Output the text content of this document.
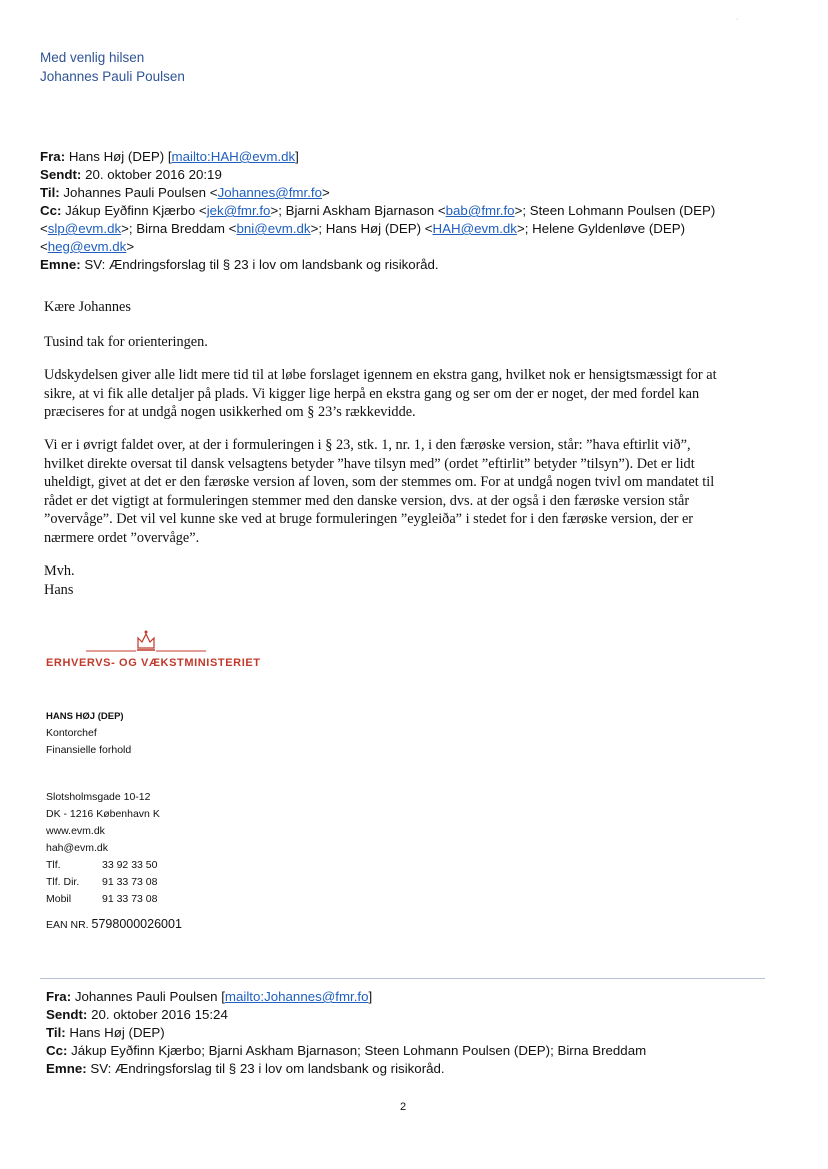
Med venlig hilsen
Johannes Pauli Poulsen
·
Fra: Hans Høj (DEP) [mailto:HAH@evm.dk]
Sendt: 20. oktober 2016 20:19
Til: Johannes Pauli Poulsen <Johannes@fmr.fo>
Cc: Jákup Eyðfinn Kjærbo <jek@fmr.fo>; Bjarni Askham Bjarnason <bab@fmr.fo>; Steen Lohmann Poulsen (DEP)
<slp@evm.dk>; Birna Breddam <bni@evm.dk>; Hans Høj (DEP) <HAH@evm.dk>; Helene Gyldenløve (DEP)
<heg@evm.dk>
Emne: SV: Ændringsforslag til § 23 i lov om landsbank og risikoråd.
Kære Johannes
Tusind tak for orienteringen.
Udskydelsen giver alle lidt mere tid til at løbe forslaget igennem en ekstra gang, hvilket nok er hensigtsmæssigt for at
sikre, at vi fik alle detaljer på plads. Vi kigger lige herpå en ekstra gang og ser om der er noget, der med fordel kan
præciseres for at undgå nogen usikkerhed om § 23’s rækkevidde.
Vi er i øvrigt faldet over, at der i formuleringen i § 23, stk. 1, nr. 1, i den færøske version, står: ”hava eftirlit við”,
hvilket direkte oversat til dansk velsagtens betyder ”have tilsyn med” (ordet ”eftirlit” betyder ”tilsyn”). Det er lidt
uheldigt, givet at det er den færøske version af loven, som der stemmes om. For at undgå nogen tvivl om mandatet til
rådet er det vigtigt at formuleringen stemmer med den danske version, dvs. at der også i den færøske version står
”overvåge”. Det vil vel kunne ske ved at bruge formuleringen ”eygleiða” i stedet for i den færøske version, der er
nærmere ordet ”overvåge”.
Mvh.
Hans
ERHVERVS- OG VÆKSTMINISTERIET
HANS HØJ (DEP)
Kontorchef
Finansielle forhold
Slotsholmsgade 10-12
DK - 1216 København K
www.evm.dk
hah@evm.dk
Tlf.	33 92 33 50
Tlf. Dir. 91 33 73 08
Mobil	91 33 73 08
EAN NR. 5798000026001
Fra: Johannes Pauli Poulsen [mailto:Johannes@fmr.fo]
Sendt: 20. oktober 2016 15:24
Til: Hans Høj (DEP)
Cc: Jákup Eyðfinn Kjærbo; Bjarni Askham Bjarnason; Steen Lohmann Poulsen (DEP); Birna Breddam
Emne: SV: Ændringsforslag til § 23 i lov om landsbank og risikoråd.
2
